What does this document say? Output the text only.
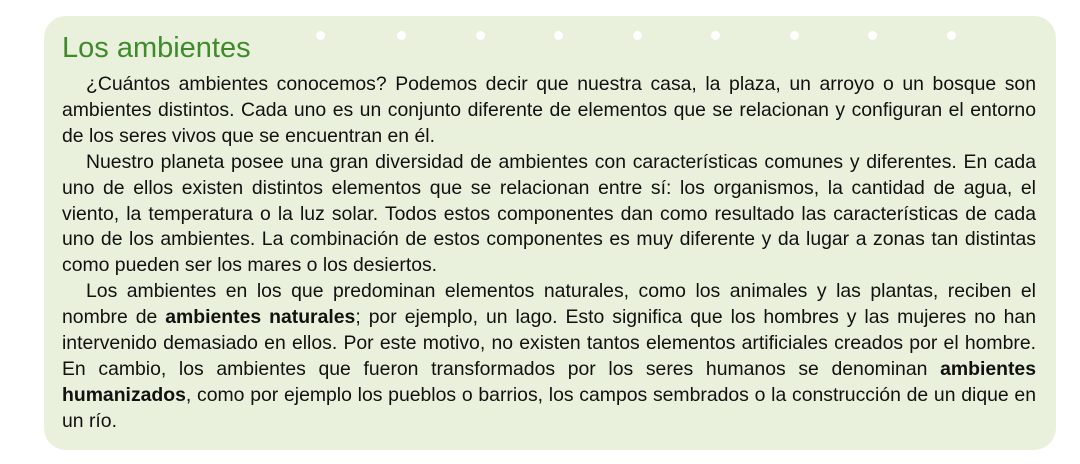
Los ambientes

¿Cuántos ambientes conocemos? Podemos decir que nuestra casa, la plaza, un arroyo o un bosque son ambientes distintos. Cada uno es un conjunto diferente de elementos que se relacionan y configuran el entorno de los seres vivos que se encuentran en él.

Nuestro planeta posee una gran diversidad de ambientes con características comunes y diferentes. En cada uno de ellos existen distintos elementos que se relacionan entre sí: los organismos, la cantidad de agua, el viento, la temperatura o la luz solar. Todos estos componentes dan como resultado las características de cada uno de los ambientes. La combinación de estos componentes es muy diferente y da lugar a zonas tan distintas como pueden ser los mares o los desiertos.

Los ambientes en los que predominan elementos naturales, como los animales y las plantas, reciben el nombre de ambientes naturales; por ejemplo, un lago. Esto significa que los hombres y las mujeres no han intervenido demasiado en ellos. Por este motivo, no existen tantos elementos artificiales creados por el hombre. En cambio, los ambientes que fueron transformados por los seres humanos se denominan ambientes humanizados, como por ejemplo los pueblos o barrios, los campos sembrados o la construcción de un dique en un río.
